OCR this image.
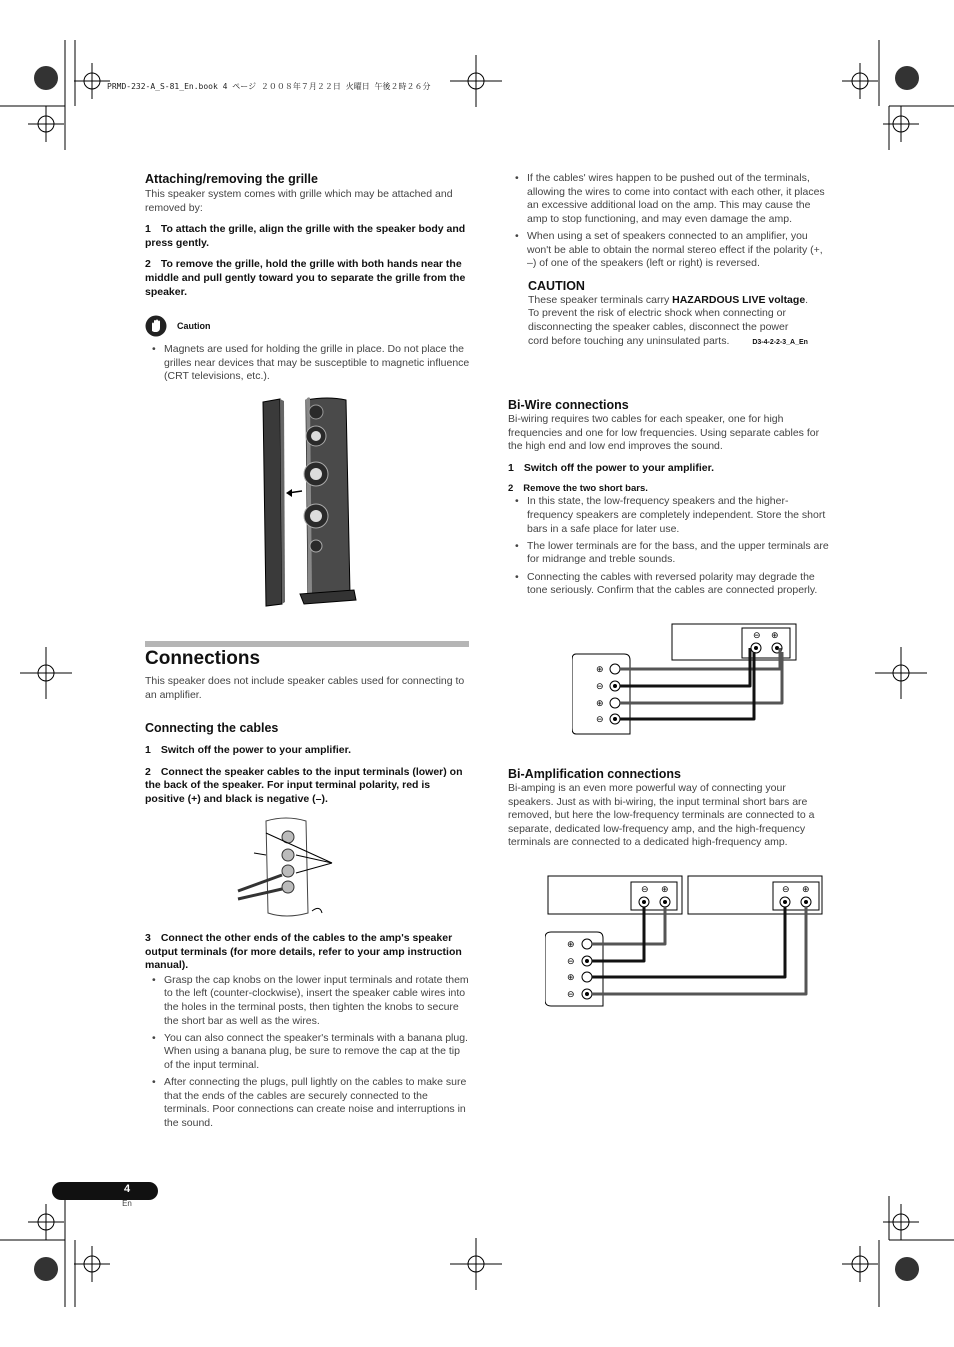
PRMD-232-A_S-81_En.book 4 ページ ２００８年７月２２日 火曜日 午後２時２６分
Attaching/removing the grille

This speaker system comes with grille which may be attached and removed by:

1 To attach the grille, align the grille with the speaker body and press gently.

2 To remove the grille, hold the grille with both hands near the middle and pull gently toward you to separate the grille from the speaker.

Caution
• Magnets are used for holding the grille in place. Do not place the grilles near devices that may be susceptible to magnetic influence (CRT televisions, etc.).
Connections

This speaker does not include speaker cables used for connecting to an amplifier.

Connecting the cables

1 Switch off the power to your amplifier.

2 Connect the speaker cables to the input terminals (lower) on the back of the speaker. For input terminal polarity, red is positive (+) and black is negative (–).

3 Connect the other ends of the cables to the amp's speaker output terminals (for more details, refer to your amp instruction manual).

• Grasp the cap knobs on the lower input terminals and rotate them to the left (counter-clockwise), insert the speaker cable wires into the holes in the terminal posts, then tighten the knobs to secure the short bar as well as the wires.
• You can also connect the speaker's terminals with a banana plug. When using a banana plug, be sure to remove the cap at the tip of the input terminal.
• After connecting the plugs, pull lightly on the cables to make sure that the ends of the cables are securely connected to the terminals. Poor connections can create noise and interruptions in the sound.
• If the cables' wires happen to be pushed out of the terminals, allowing the wires to come into contact with each other, it places an excessive additional load on the amp. This may cause the amp to stop functioning, and may even damage the amp.
• When using a set of speakers connected to an amplifier, you won't be able to obtain the normal stereo effect if the polarity (+, –) of one of the speakers (left or right) is reversed.
CAUTION

These speaker terminals carry HAZARDOUS LIVE voltage. To prevent the risk of electric shock when connecting or disconnecting the speaker cables, disconnect the power cord before touching any uninsulated parts.	D3-4-2-2-3_A_En

Bi-Wire connections

Bi-wiring requires two cables for each speaker, one for high frequencies and one for low frequencies. Using separate cables for the high end and low end improves the sound.

1 Switch off the power to your amplifier.

2 Remove the two short bars.

• In this state, the low-frequency speakers and the higher-frequency speakers are completely independent. Store the short bars in a safe place for later use.
• The lower terminals are for the bass, and the upper terminals are for midrange and treble sounds.
• Connecting the cables with reversed polarity may degrade the tone seriously. Confirm that the cables are connected properly.
⊖ ⊕
⊕
⊖
⊕
⊖
Bi-Amplification connections

Bi-amping is an even more powerful way of connecting your speakers. Just as with bi-wiring, the input terminal short bars are removed, but here the low-frequency terminals are connected to a separate, dedicated low-frequency amp, and the high-frequency terminals are connected to a dedicated high-frequency amp.

⊖ ⊕	⊖ ⊕
⊕
⊖
⊕
⊖
4
En
